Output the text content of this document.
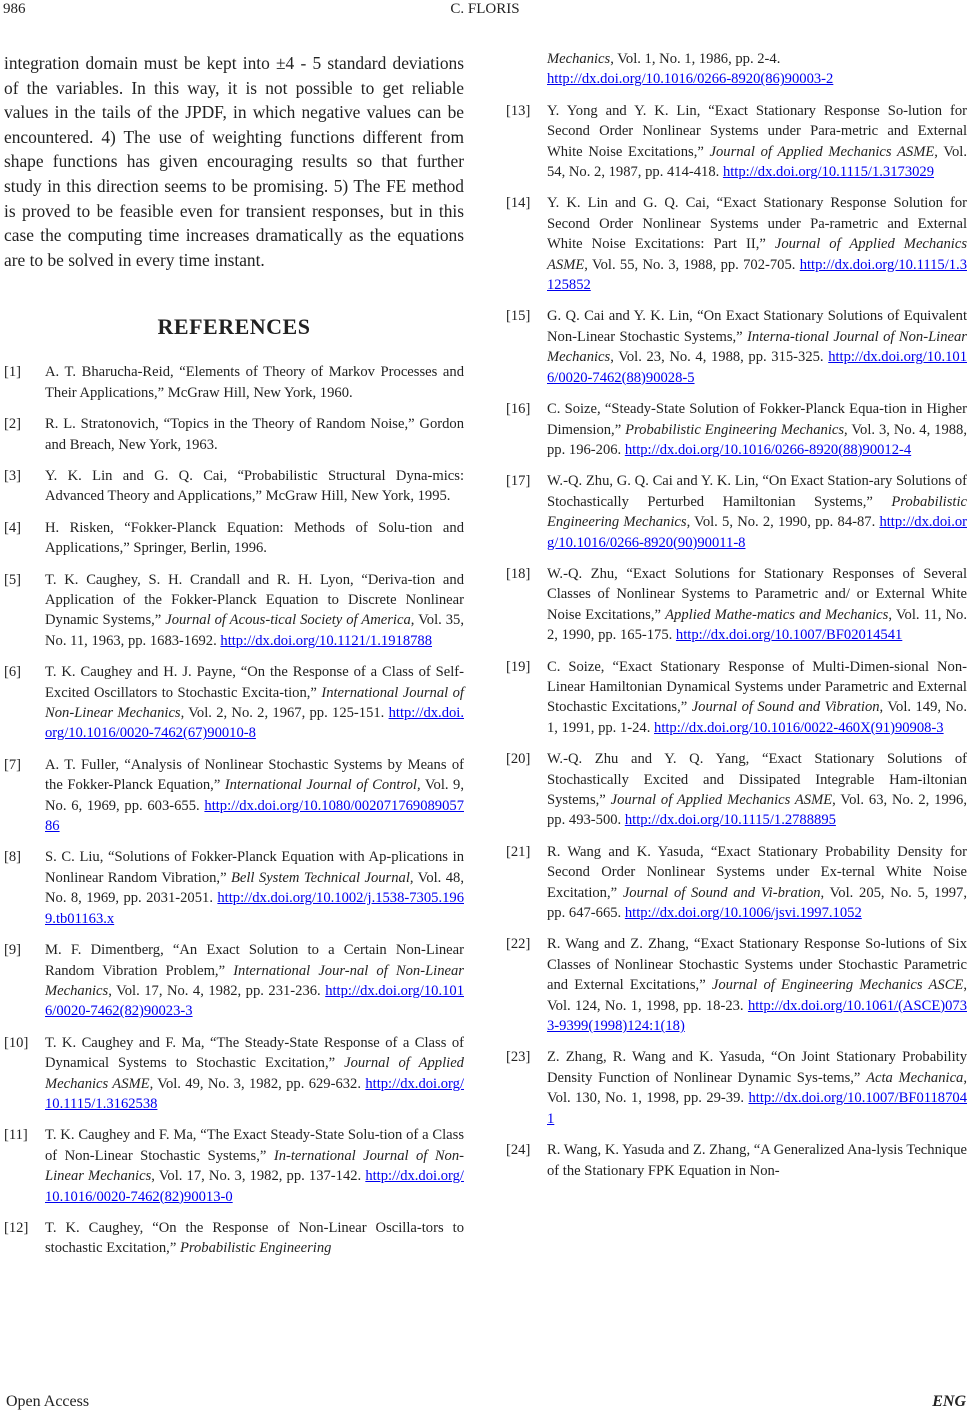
986	C. FLORIS

integration domain must be kept into ±4 - 5 standard deviations of the variables. In this way, it is not possible to get reliable values in the tails of the JPDF, in which negative values can be encountered. 4) The use of weighting functions different from shape functions has given encouraging results so that further study in this direction seems to be promising. 5) The FE method is proved to be feasible even for transient responses, but in this case the computing time increases dramatically as the equations are to be solved in every time instant.

REFERENCES
[1]	A. T. Bharucha-Reid, “Elements of Theory of Markov Processes and Their Applications,” McGraw Hill, New York, 1960.
[2]	R. L. Stratonovich, “Topics in the Theory of Random Noise,” Gordon and Breach, New York, 1963.
[3]	Y. K. Lin and G. Q. Cai, “Probabilistic Structural Dyna-mics: Advanced Theory and Applications,” McGraw Hill, New York, 1995.
[4]	H. Risken, “Fokker-Planck Equation: Methods of Solu-tion and Applications,” Springer, Berlin, 1996.
[5]	T. K. Caughey, S. H. Crandall and R. H. Lyon, “Deriva-tion and Application of the Fokker-Planck Equation to Discrete Nonlinear Dynamic Systems,” Journal of Acous-tical Society of America, Vol. 35, No. 11, 1963, pp. 1683-1692. http://dx.doi.org/10.1121/1.1918788
[6]	T. K. Caughey and H. J. Payne, “On the Response of a Class of Self-Excited Oscillators to Stochastic Excita-tion,” International Journal of Non-Linear Mechanics, Vol. 2, No. 2, 1967, pp. 125-151. http://dx.doi.org/10.1016/0020-7462(67)90010-8
[7]	A. T. Fuller, “Analysis of Nonlinear Stochastic Systems by Means of the Fokker-Planck Equation,” International Journal of Control, Vol. 9, No. 6, 1969, pp. 603-655. http://dx.doi.org/10.1080/00207176908905786
[8]	S. C. Liu, “Solutions of Fokker-Planck Equation with Ap-plications in Nonlinear Random Vibration,” Bell System Technical Journal, Vol. 48, No. 8, 1969, pp. 2031-2051. http://dx.doi.org/10.1002/j.1538-7305.1969.tb01163.x
[9]	M. F. Dimentberg, “An Exact Solution to a Certain Non-Linear Random Vibration Problem,” International Jour-nal of Non-Linear Mechanics, Vol. 17, No. 4, 1982, pp. 231-236. http://dx.doi.org/10.1016/0020-7462(82)90023-3
[10]	T. K. Caughey and F. Ma, “The Steady-State Response of a Class of Dynamical Systems to Stochastic Excitation,” Journal of Applied Mechanics ASME, Vol. 49, No. 3, 1982, pp. 629-632. http://dx.doi.org/10.1115/1.3162538
[11]	T. K. Caughey and F. Ma, “The Exact Steady-State Solu-tion of a Class of Non-Linear Stochastic Systems,” In-ternational Journal of Non-Linear Mechanics, Vol. 17, No. 3, 1982, pp. 137-142. http://dx.doi.org/10.1016/0020-7462(82)90013-0
[12]	T. K. Caughey, “On the Response of Non-Linear Oscilla-tors to stochastic Excitation,” Probabilistic Engineering
Mechanics, Vol. 1, No. 1, 1986, pp. 2-4.
http://dx.doi.org/10.1016/0266-8920(86)90003-2
[13]	Y. Yong and Y. K. Lin, “Exact Stationary Response So-lution for Second Order Nonlinear Systems under Para-metric and External White Noise Excitations,” Journal of Applied Mechanics ASME, Vol. 54, No. 2, 1987, pp. 414-418. http://dx.doi.org/10.1115/1.3173029
[14]	Y. K. Lin and G. Q. Cai, “Exact Stationary Response Solution for Second Order Nonlinear Systems under Pa-rametric and External White Noise Excitations: Part II,” Journal of Applied Mechanics ASME, Vol. 55, No. 3, 1988, pp. 702-705. http://dx.doi.org/10.1115/1.3125852
[15]	G. Q. Cai and Y. K. Lin, “On Exact Stationary Solutions of Equivalent Non-Linear Stochastic Systems,” Interna-tional Journal of Non-Linear Mechanics, Vol. 23, No. 4, 1988, pp. 315-325. http://dx.doi.org/10.1016/0020-7462(88)90028-5
[16]	C. Soize, “Steady-State Solution of Fokker-Planck Equa-tion in Higher Dimension,” Probabilistic Engineering Mechanics, Vol. 3, No. 4, 1988, pp. 196-206. http://dx.doi.org/10.1016/0266-8920(88)90012-4
[17]	W.-Q. Zhu, G. Q. Cai and Y. K. Lin, “On Exact Station-ary Solutions of Stochastically Perturbed Hamiltonian Systems,” Probabilistic Engineering Mechanics, Vol. 5, No. 2, 1990, pp. 84-87. http://dx.doi.org/10.1016/0266-8920(90)90011-8
[18]	W.-Q. Zhu, “Exact Solutions for Stationary Responses of Several Classes of Nonlinear Systems to Parametric and/ or External White Noise Excitations,” Applied Mathe-matics and Mechanics, Vol. 11, No. 2, 1990, pp. 165-175. http://dx.doi.org/10.1007/BF02014541
[19]	C. Soize, “Exact Stationary Response of Multi-Dimen-sional Non-Linear Hamiltonian Dynamical Systems under Parametric and External Stochastic Excitations,” Journal of Sound and Vibration, Vol. 149, No. 1, 1991, pp. 1-24. http://dx.doi.org/10.1016/0022-460X(91)90908-3
[20]	W.-Q. Zhu and Y. Q. Yang, “Exact Stationary Solutions of Stochastically Excited and Dissipated Integrable Ham-iltonian Systems,” Journal of Applied Mechanics ASME, Vol. 63, No. 2, 1996, pp. 493-500. http://dx.doi.org/10.1115/1.2788895
[21]	R. Wang and K. Yasuda, “Exact Stationary Probability Density for Second Order Nonlinear Systems under Ex-ternal White Noise Excitation,” Journal of Sound and Vi-bration, Vol. 205, No. 5, 1997, pp. 647-665. http://dx.doi.org/10.1006/jsvi.1997.1052
[22]	R. Wang and Z. Zhang, “Exact Stationary Response So-lutions of Six Classes of Nonlinear Stochastic Systems under Stochastic Parametric and External Excitations,” Journal of Engineering Mechanics ASCE, Vol. 124, No. 1, 1998, pp. 18-23. http://dx.doi.org/10.1061/(ASCE)0733-9399(1998)124:1(18)
[23]	Z. Zhang, R. Wang and K. Yasuda, “On Joint Stationary Probability Density Function of Nonlinear Dynamic Sys-tems,” Acta Mechanica, Vol. 130, No. 1, 1998, pp. 29-39. http://dx.doi.org/10.1007/BF01187041
[24]	R. Wang, K. Yasuda and Z. Zhang, “A Generalized Ana-lysis Technique of the Stationary FPK Equation in Non-
Open Access	ENG
